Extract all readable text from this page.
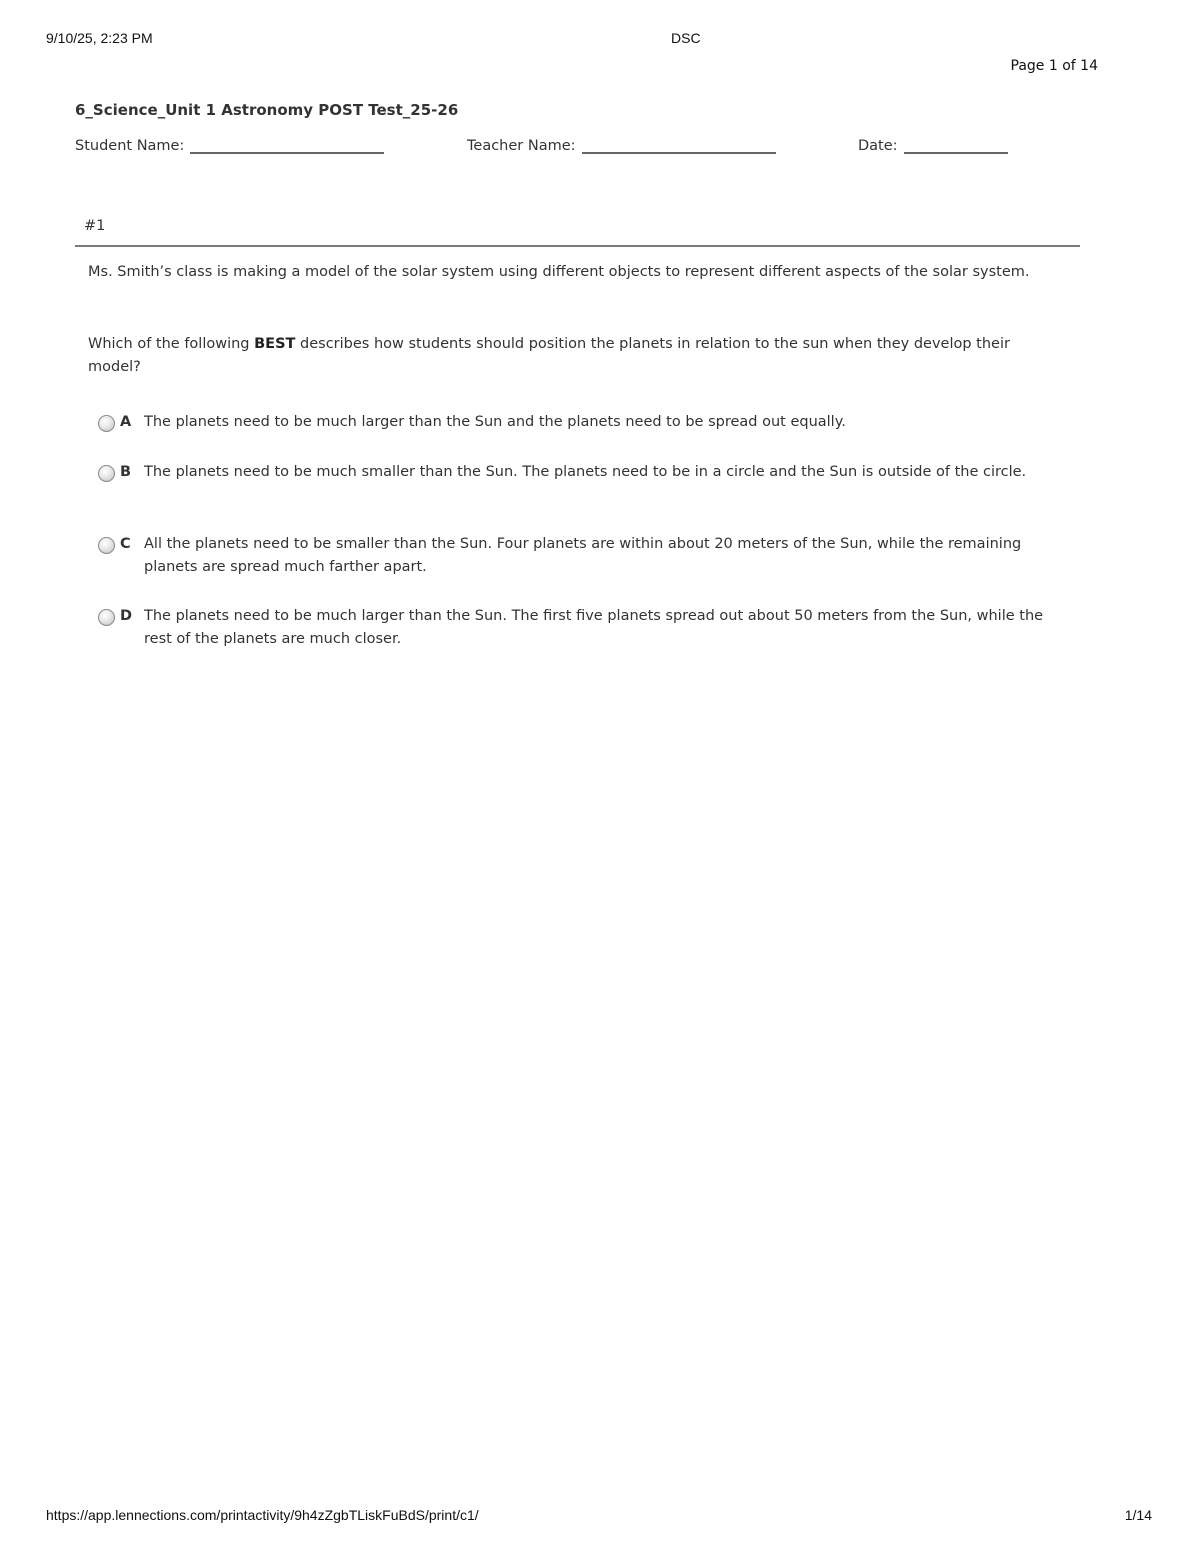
9/10/25, 2:23 PM	DSC
Page 1 of 14
6_Science_Unit 1 Astronomy POST Test_25-26
Student Name:	Teacher Name:	Date:
#1
Ms. Smith’s class is making a model of the solar system using different objects to represent different aspects of the solar system.
Which of the following BEST describes how students should position the planets in relation to the sun when they develop their model?
A The planets need to be much larger than the Sun and the planets need to be spread out equally.
B The planets need to be much smaller than the Sun. The planets need to be in a circle and the Sun is outside of the circle.
C All the planets need to be smaller than the Sun. Four planets are within about 20 meters of the Sun, while the remaining planets are spread much farther apart.
D The planets need to be much larger than the Sun. The first five planets spread out about 50 meters from the Sun, while the rest of the planets are much closer.
https://app.lennections.com/printactivity/9h4zZgbTLiskFuBdS/print/c1/	1/14
